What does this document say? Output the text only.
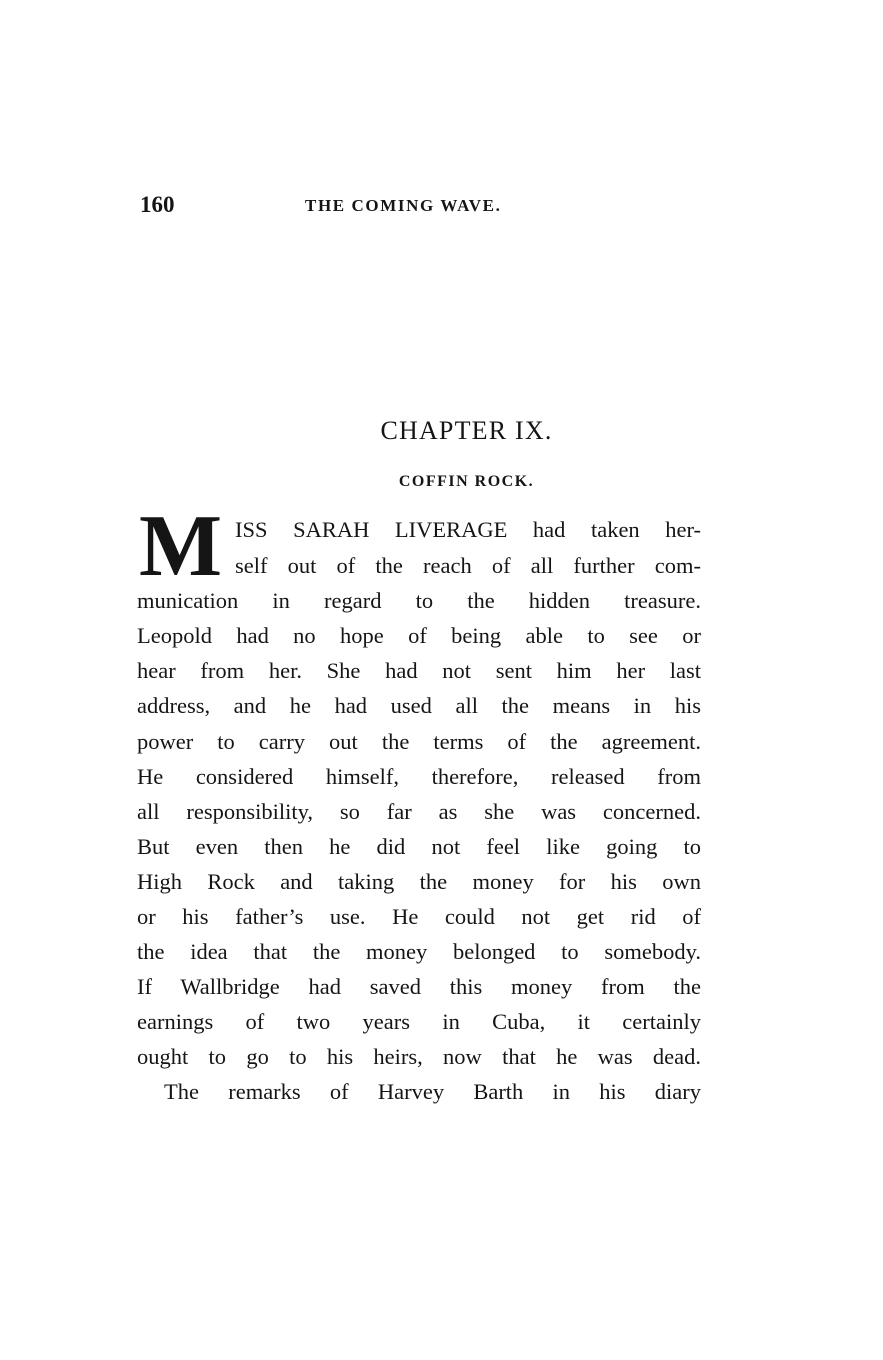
160	THE COMING WAVE.
CHAPTER IX.
COFFIN ROCK.
M ISS SARAH LIVERAGE had taken her-
self out of the reach of all further com-
munication in regard to the hidden treasure.
Leopold had no hope of being able to see or
hear from her. She had not sent him her last
address, and he had used all the means in his
power to carry out the terms of the agreement.
He considered himself, therefore, released from
all responsibility, so far as she was concerned.
But even then he did not feel like going to
High Rock and taking the money for his own
or his father’s use. He could not get rid of
the idea that the money belonged to somebody.
If Wallbridge had saved this money from the
earnings of two years in Cuba, it certainly
ought to go to his heirs, now that he was dead.
The remarks of Harvey Barth in his diary
